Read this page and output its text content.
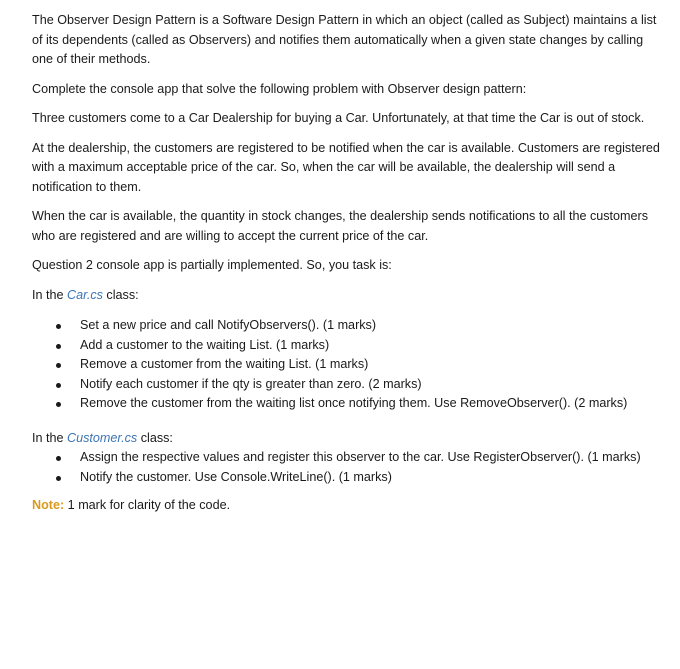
The Observer Design Pattern is a Software Design Pattern in which an object (called as Subject) maintains a list of its dependents (called as Observers) and notifies them automatically when a given state changes by calling one of their methods.

Complete the console app that solve the following problem with Observer design pattern:

Three customers come to a Car Dealership for buying a Car. Unfortunately, at that time the Car is out of stock.

At the dealership, the customers are registered to be notified when the car is available. Customers are registered with a maximum acceptable price of the car. So, when the car will be available, the dealership will send a notification to them.

When the car is available, the quantity in stock changes, the dealership sends notifications to all the customers who are registered and are willing to accept the current price of the car.

Question 2 console app is partially implemented. So, you task is:

In the Car.cs class:

Set a new price and call NotifyObservers(). (1 marks)
Add a customer to the waiting List. (1 marks)
Remove a customer from the waiting List. (1 marks)
Notify each customer if the qty is greater than zero. (2 marks)
Remove the customer from the waiting list once notifying them. Use RemoveObserver(). (2 marks)

In the Customer.cs class:

Assign the respective values and register this observer to the car. Use RegisterObserver(). (1 marks)
Notify the customer. Use Console.WriteLine(). (1 marks)

Note: 1 mark for clarity of the code.
